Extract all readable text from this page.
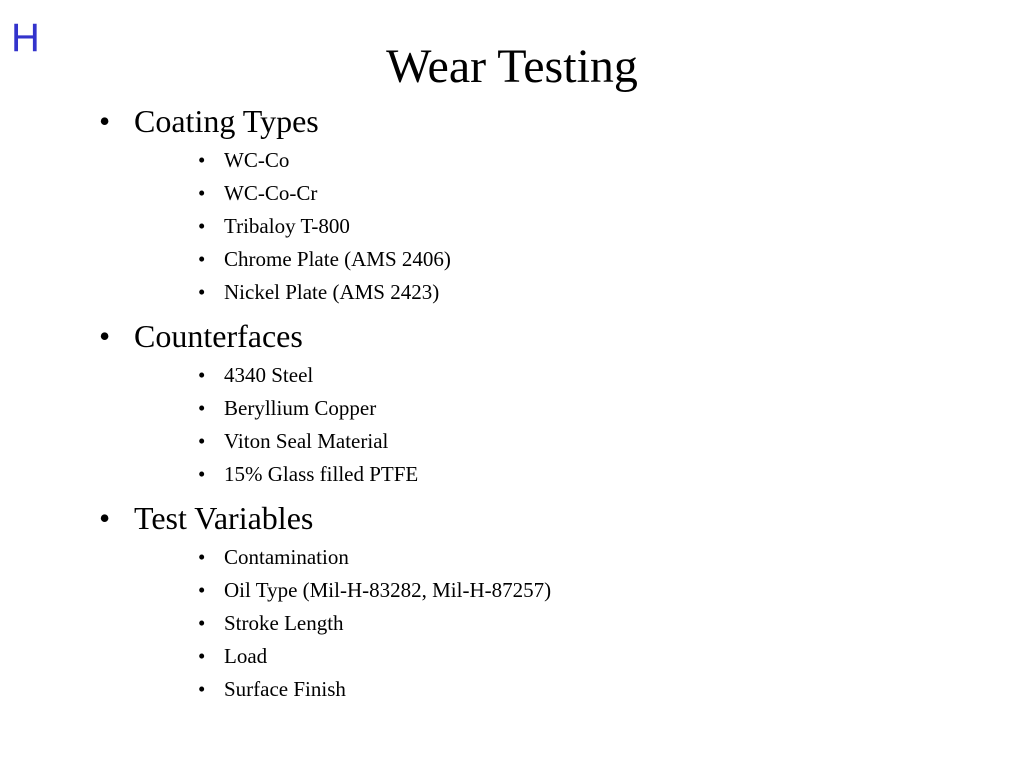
H
Wear Testing
• Coating Types
• WC-Co
• WC-Co-Cr
• Tribaloy T-800
• Chrome Plate (AMS 2406)
• Nickel Plate (AMS 2423)
• Counterfaces
• 4340 Steel
• Beryllium Copper
• Viton Seal Material
• 15% Glass filled PTFE
• Test Variables
• Contamination
• Oil Type (Mil-H-83282, Mil-H-87257)
• Stroke Length
• Load
• Surface Finish
